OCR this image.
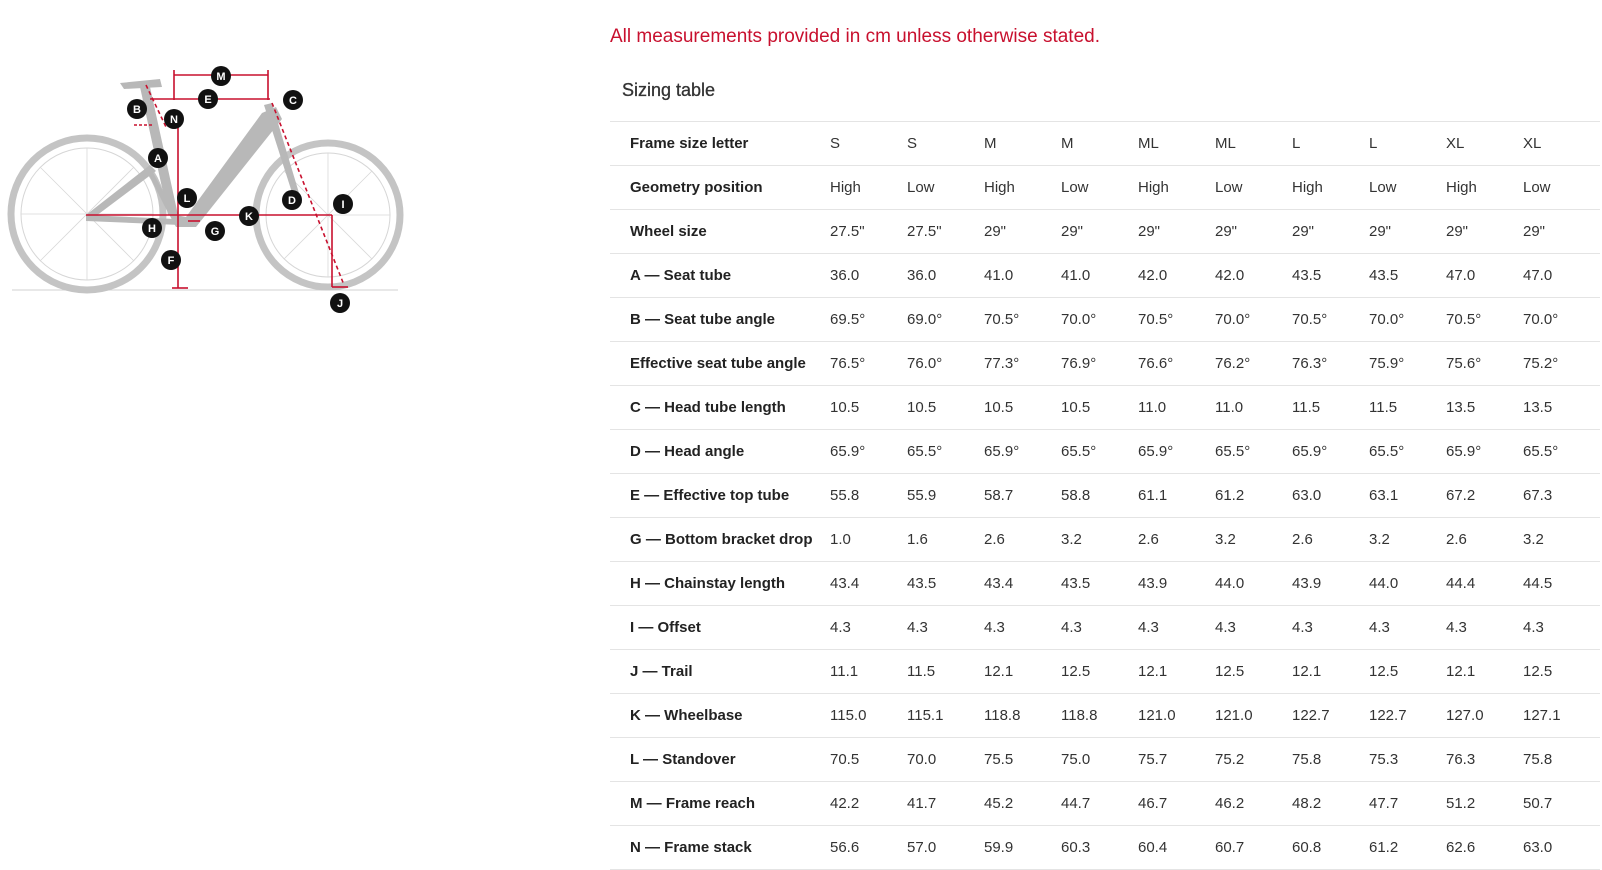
M
E
B
N
C
A
L	D	I
K
H	G
F
J
All measurements provided in cm unless otherwise stated.
Sizing table
Frame size letter	S	S	M	M	ML	ML	L	L	XL	XL
Geometry position	High	Low	High	Low	High	Low	High	Low	High	Low
Wheel size	27.5"	27.5"	29"	29"	29"	29"	29"	29"	29"	29"
A — Seat tube	36.0	36.0	41.0	41.0	42.0	42.0	43.5	43.5	47.0	47.0
B — Seat tube angle	69.5°	69.0°	70.5°	70.0°	70.5°	70.0°	70.5°	70.0°	70.5°	70.0°
Effective seat tube angle	76.5°	76.0°	77.3°	76.9°	76.6°	76.2°	76.3°	75.9°	75.6°	75.2°
C — Head tube length	10.5	10.5	10.5	10.5	11.0	11.0	11.5	11.5	13.5	13.5
D — Head angle	65.9°	65.5°	65.9°	65.5°	65.9°	65.5°	65.9°	65.5°	65.9°	65.5°
E — Effective top tube	55.8	55.9	58.7	58.8	61.1	61.2	63.0	63.1	67.2	67.3
G — Bottom bracket drop	1.0	1.6	2.6	3.2	2.6	3.2	2.6	3.2	2.6	3.2
H — Chainstay length	43.4	43.5	43.4	43.5	43.9	44.0	43.9	44.0	44.4	44.5
I — Offset	4.3	4.3	4.3	4.3	4.3	4.3	4.3	4.3	4.3	4.3
J — Trail	11.1	11.5	12.1	12.5	12.1	12.5	12.1	12.5	12.1	12.5
K — Wheelbase	115.0	115.1	118.8	118.8	121.0	121.0	122.7	122.7	127.0	127.1
L — Standover	70.5	70.0	75.5	75.0	75.7	75.2	75.8	75.3	76.3	75.8
M — Frame reach	42.2	41.7	45.2	44.7	46.7	46.2	48.2	47.7	51.2	50.7
N — Frame stack	56.6	57.0	59.9	60.3	60.4	60.7	60.8	61.2	62.6	63.0
